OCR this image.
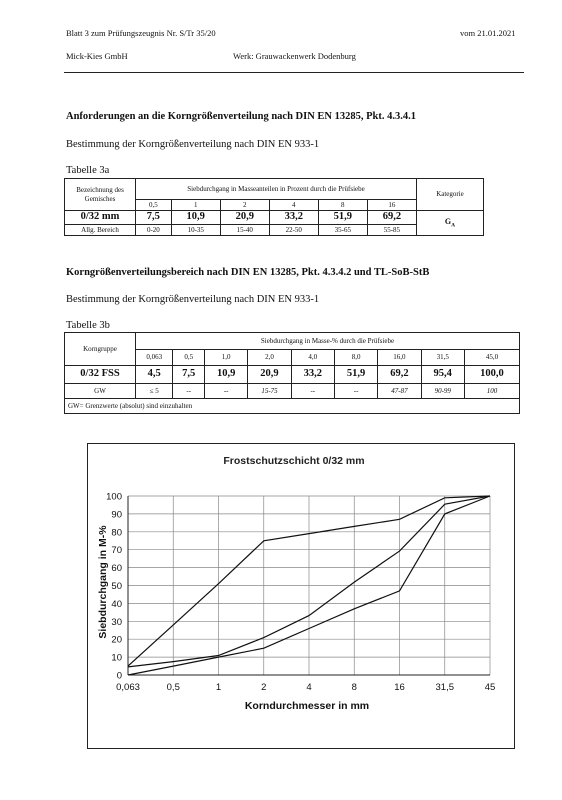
Blatt 3 zum Prüfungszeugnis Nr. S/Tr 35/20	vom 21.01.2021
Mick-Kies GmbH	Werk: Grauwackenwerk Dodenburg
Anforderungen an die Korngrößenverteilung nach DIN EN 13285, Pkt. 4.3.4.1
Bestimmung der Korngrößenverteilung nach DIN EN 933-1
Tabelle 3a
Bezeichnung des Gemisches	Siebdurchgang in Masseanteilen in Prozent durch die Prüfsiebe						Kategorie
	0,5	1	2	4	8	16	
0/32 mm	7,5	10,9	20,9	33,2	51,9	69,2	$G_A$
Allg. Bereich	0-20	10-35	15-40	22-50	35-65	55-85	
Korngrößenverteilungsbereich nach DIN EN 13285, Pkt. 4.3.4.2 und TL-SoB-StB
Bestimmung der Korngrößenverteilung nach DIN EN 933-1
Tabelle 3b
Korngruppe	Siebdurchgang in Masse-% durch die Prüfsiebe								
	0,063	0,5	1,0	2,0	4,0	8,0	16,0	31,5	45,0
0/32 FSS	4,5	7,5	10,9	20,9	33,2	51,9	69,2	95,4	100,0
GW	≤ 5	--	--	15-75	--	--	47-87	90-99	100
GW= Grenzwerte (absolut) sind einzuhalten									
Frostschutzschicht 0/32 mm
Korndurchmesser in mm
Siebdurchgang in M-%
0
10
20
30
40
50
60
70
80
90
100
0,063	0,5	1	2	4	8	16	31,5	45
